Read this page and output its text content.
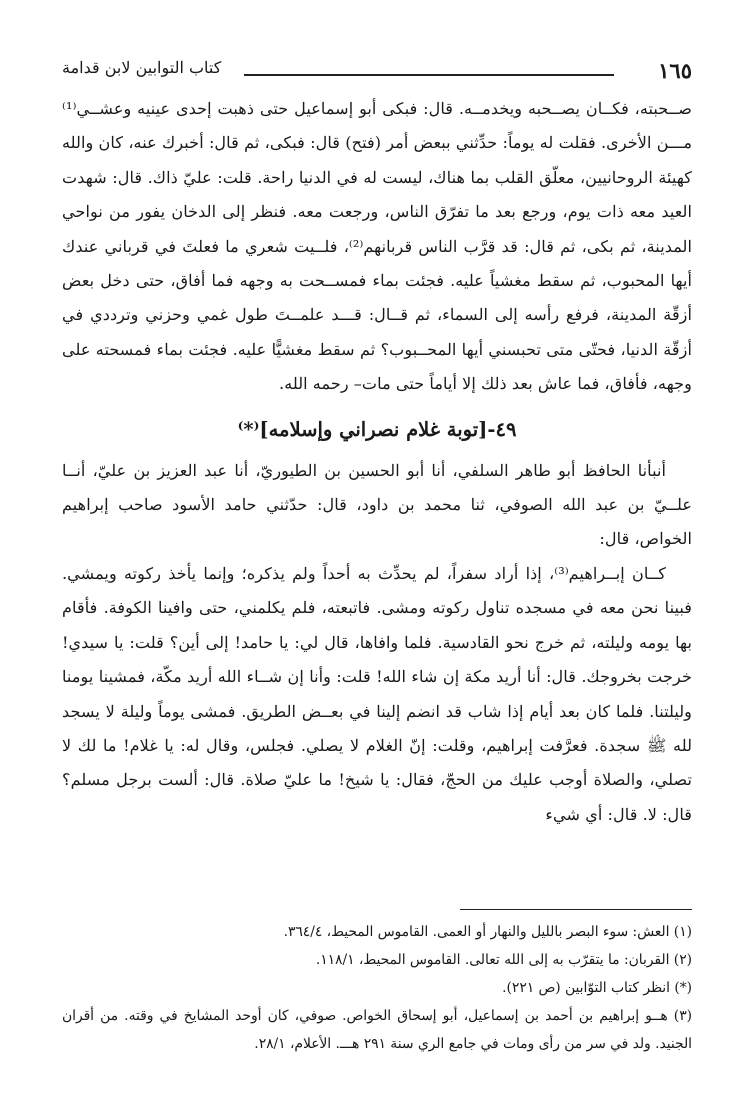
١٦٥
كتاب التوابين لابن قدامة

صــحبته، فكــان يصــحبه ويخدمــه. قال: فبكى أبو إسماعيل حتى ذهبت إحدى عينيه وعشــي⁽¹⁾ مـــن الأخرى. فقلت له يوماً: حدِّثني ببعض أمر (فتح) قال: فبكى، ثم قال: أخبرك عنه، كان والله كهيئة الروحانيين، معلّق القلب بما هناك، ليست له في الدنيا راحة. قلت: عليّ ذاك. قال: شهدت العيد معه ذات يوم، ورجع بعد ما تفرّق الناس، ورجعت معه. فنظر إلى الدخان يفور من نواحي المدينة، ثم بكى، ثم قال: قد قرَّب الناس قربانهم⁽²⁾، فلــيت شعري ما فعلتَ في قرباني عندك أيها المحبوب، ثم سقط مغشياً عليه. فجئت بماء فمســحت به وجهه فما أفاق، حتى دخل بعض أزقّة المدينة، فرفع رأسه إلى السماء، ثم قــال: قـــد علمــتَ طول غمي وحزني وترددي في أزقّة الدنيا، فحتّى متى تحبسني أيها المحــبوب؟ ثم سقط مغشيًّا عليه. فجئت بماء فمسحته على وجهه، فأفاق، فما عاش بعد ذلك إلا أياماً حتى مات– رحمه الله.

٤٩-[توبة غلام نصراني وإسلامه]⁽*⁾

أنبأنا الحافظ أبو طاهر السلفي، أنا أبو الحسين بن الطيوريّ، أنا عبد العزيز بن عليّ، أنــا علــيّ بن عبد الله الصوفي، ثنا محمد بن داود، قال: حدّثني حامد الأسود صاحب إبراهيم الخواص، قال:

كــان إبــراهيم⁽³⁾، إذا أراد سفراً، لم يحدِّث به أحداً ولم يذكره؛ وإنما يأخذ ركوته ويمشي. فبينا نحن معه في مسجده تناول ركوته ومشى. فاتبعته، فلم يكلمني، حتى وافينا الكوفة. فأقام بها يومه وليلته، ثم خرج نحو القادسية. فلما وافاها، قال لي: يا حامد! إلى أين؟ قلت: يا سيدي! خرجت بخروجك. قال: أنا أريد مكة إن شاء الله! قلت: وأنا إن شــاء الله أريد مكّة، فمشينا يومنا وليلتنا. فلما كان بعد أيام إذا شاب قد انضم إلينا في بعــض الطريق. فمشى يوماً وليلة لا يسجد لله ﷺ سجدة. فعرَّفت إبراهيم، وقلت: إنّ الغلام لا يصلي. فجلس، وقال له: يا غلام! ما لك لا تصلي، والصلاة أوجب عليك من الحجّ، فقال: يا شيخ! ما عليّ صلاة. قال: ألست برجل مسلم؟ قال: لا. قال: أي شيء

(١) العش: سوء البصر بالليل والنهار أو العمى. القاموس المحيط، ٣٦٤/٤.

(٢) القربان: ما يتقرّب به إلى الله تعالى. القاموس المحيط، ١١٨/١.

(*) انظر كتاب التوّابين (ص ٢٢١).

(٣) هــو إبراهيم بن أحمد بن إسماعيل، أبو إسحاق الخواص. صوفي، كان أوحد المشايخ في وقته. من أقران الجنيد. ولد في سر من رأى ومات في جامع الري سنة ٢٩١ هـــ. الأعلام، ٢٨/١.
